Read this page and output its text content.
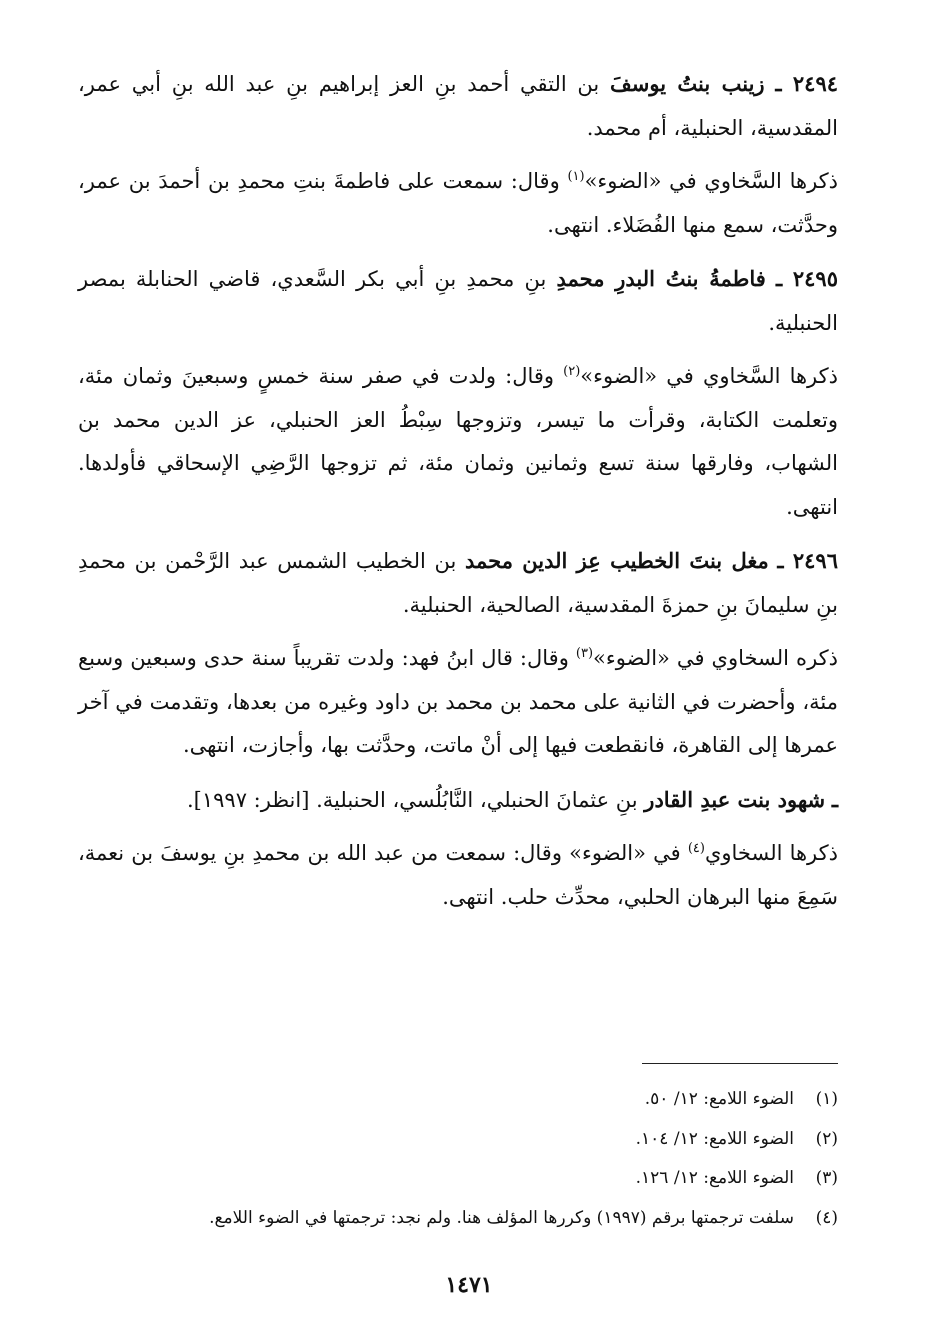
٢٤٩٤ ـ زينب بنتُ يوسفَ بن التقي أحمد بنِ العز إبراهيم بنِ عبد الله بنِ أبي عمر، المقدسية، الحنبلية، أم محمد.

ذكرها السَّخاوي في «الضوء»$^{(١)}$ وقال: سمعت على فاطمةَ بنتِ محمدِ بن أحمدَ بن عمر، وحدَّثت، سمع منها الفُضَلاء. انتهى.

٢٤٩٥ ـ فاطمةُ بنتُ البدرِ محمدِ بنِ محمدِ بنِ أبي بكر السَّعدي، قاضي الحنابلة بمصر الحنبلية.

ذكرها السَّخاوي في «الضوء»$^{(٢)}$ وقال: ولدت في صفر سنة خمسٍ وسبعينَ وثمان مئة، وتعلمت الكتابة، وقرأت ما تيسر، وتزوجها سِبْطُ العز الحنبلي، عز الدين محمد بن الشهاب، وفارقها سنة تسع وثمانين وثمان مئة، ثم تزوجها الرَّضِي الإسحاقي فأولدها. انتهى.

٢٤٩٦ ـ مغل بنتَ الخطيب عِز الدين محمد بن الخطيب الشمس عبد الرَّحْمن بن محمدِ بنِ سليمانَ بنِ حمزةَ المقدسية، الصالحية، الحنبلية.

ذكره السخاوي في «الضوء»$^{(٣)}$ وقال: قال ابنُ فهد: ولدت تقريباً سنة حدى وسبعين وسبع مئة، وأحضرت في الثانية على محمد بن محمد بن داود وغيره من بعدها، وتقدمت في آخر عمرها إلى القاهرة، فانقطعت فيها إلى أنْ ماتت، وحدَّثت بها، وأجازت، انتهى.

ـ شهود بنت عبدِ القادر بنِ عثمانَ الحنبلي، النَّابُلُسي، الحنبلية. [انظر: ١٩٩٧].

ذكرها السخاوي$^{(٤)}$ في «الضوء» وقال: سمعت من عبد الله بن محمدِ بنِ يوسفَ بن نعمة، سَمِعَ منها البرهان الحلبي، محدِّث حلب. انتهى.

(١)الضوء اللامع: ١٢/ ٥٠.
(٢)الضوء اللامع: ١٢/ ١٠٤.
(٣)الضوء اللامع: ١٢/ ١٢٦.
(٤)سلفت ترجمتها برقم (١٩٩٧) وكررها المؤلف هنا. ولم نجد: ترجمتها في الضوء اللامع.
١٤٧١
